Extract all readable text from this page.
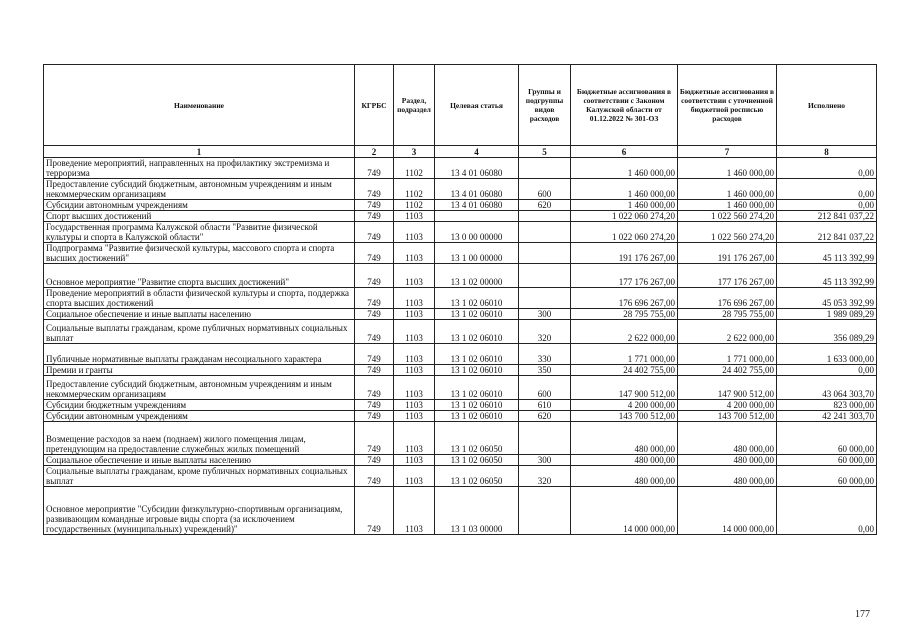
Наименование	КГРБС	Раздел, подраздел	Целевая статья	Группы и подгруппы видов расходов	Бюджетные ассигнования в соответствии с Законом Калужской области от 01.12.2022 № 301-ОЗ	Бюджетные ассигнования в соответствии с уточненной бюджетной росписью расходов	Исполнено
1	2	3	4	5	6	7	8
Проведение мероприятий, направленных на профилактику экстремизма и терроризма	749	1102	13 4 01 06080		1 460 000,00	1 460 000,00	0,00
Предоставление субсидий бюджетным, автономным учреждениям и иным некоммерческим организациям	749	1102	13 4 01 06080	600	1 460 000,00	1 460 000,00	0,00
Субсидии автономным учреждениям	749	1102	13 4 01 06080	620	1 460 000,00	1 460 000,00	0,00
Спорт высших достижений	749	1103			1 022 060 274,20	1 022 560 274,20	212 841 037,22
Государственная программа Калужской области "Развитие физической культуры и спорта в Калужской области"	749	1103	13 0 00 00000		1 022 060 274,20	1 022 560 274,20	212 841 037,22
Подпрограмма "Развитие физической культуры, массового спорта и спорта высших достижений"	749	1103	13 1 00 00000		191 176 267,00	191 176 267,00	45 113 392,99
Основное мероприятие "Развитие спорта высших достижений"	749	1103	13 1 02 00000		177 176 267,00	177 176 267,00	45 113 392,99
Проведение мероприятий в области физической культуры и спорта, поддержка спорта высших достижений	749	1103	13 1 02 06010		176 696 267,00	176 696 267,00	45 053 392,99
Социальное обеспечение и иные выплаты населению	749	1103	13 1 02 06010	300	28 795 755,00	28 795 755,00	1 989 089,29
Социальные выплаты гражданам, кроме публичных нормативных социальных выплат	749	1103	13 1 02 06010	320	2 622 000,00	2 622 000,00	356 089,29
Публичные нормативные выплаты гражданам несоциального характера	749	1103	13 1 02 06010	330	1 771 000,00	1 771 000,00	1 633 000,00
Премии и гранты	749	1103	13 1 02 06010	350	24 402 755,00	24 402 755,00	0,00
Предоставление субсидий бюджетным, автономным учреждениям и иным некоммерческим организациям	749	1103	13 1 02 06010	600	147 900 512,00	147 900 512,00	43 064 303,70
Субсидии бюджетным учреждениям	749	1103	13 1 02 06010	610	4 200 000,00	4 200 000,00	823 000,00
Субсидии автономным учреждениям	749	1103	13 1 02 06010	620	143 700 512,00	143 700 512,00	42 241 303,70
Возмещение расходов за наем (поднаем) жилого помещения лицам, претендующим на предоставление служебных жилых помещений	749	1103	13 1 02 06050		480 000,00	480 000,00	60 000,00
Социальное обеспечение и иные выплаты населению	749	1103	13 1 02 06050	300	480 000,00	480 000,00	60 000,00
Социальные выплаты гражданам, кроме публичных нормативных социальных выплат	749	1103	13 1 02 06050	320	480 000,00	480 000,00	60 000,00
Основное мероприятие "Субсидии физкультурно-спортивным организациям, развивающим командные игровые виды спорта (за исключением государственных (муниципальных) учреждений)"	749	1103	13 1 03 00000		14 000 000,00	14 000 000,00	0,00
177
